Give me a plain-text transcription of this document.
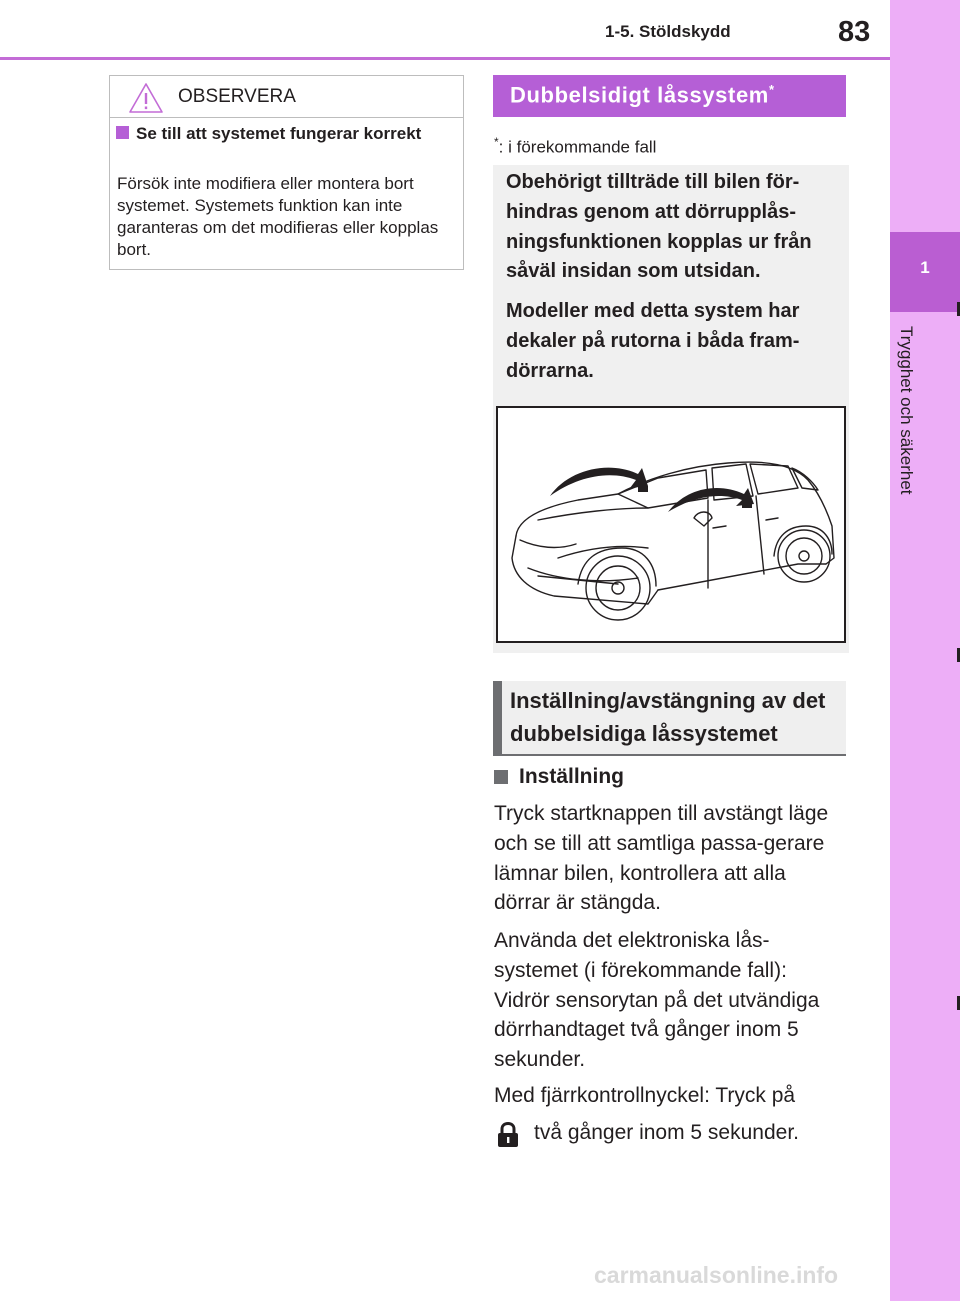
1-5. Stöldskydd	83
1
Trygghet och säkerhet
OBSERVERA
Se till att systemet fungerar korrekt
Försök inte modifiera eller montera bort systemet. Systemets funktion kan inte garanteras om det modifieras eller kopplas bort.
Dubbelsidigt låssystem*
*: i förekommande fall

Obehörigt tillträde till bilen för-hindras genom att dörrupplås-ningsfunktionen kopplas ur från såväl insidan som utsidan.

Modeller med detta system har dekaler på rutorna i båda fram-dörrarna.

Inställning/avstängning av det dubbelsidiga låssystemet
Inställning
Tryck startknappen till avstängt läge och se till att samtliga passa-gerare lämnar bilen, kontrollera att alla dörrar är stängda.
Använda det elektroniska lås-systemet (i förekommande fall): Vidrör sensorytan på det utvändiga dörrhandtaget två gånger inom 5 sekunder.
Med fjärrkontrollnyckel: Tryck på
två gånger inom 5 sekunder.
carmanualsonline.info
